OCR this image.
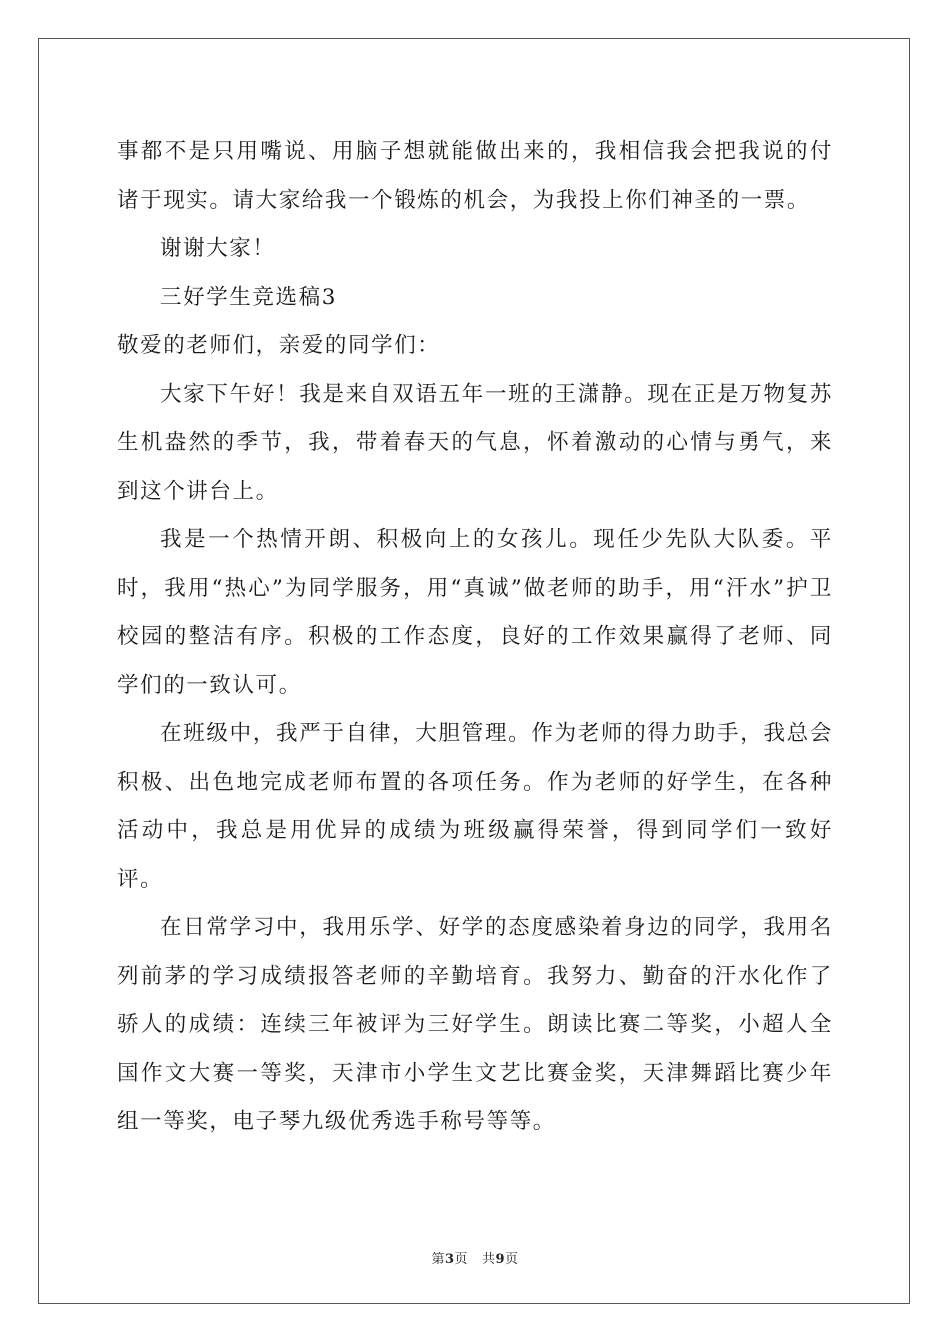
事都不是只用嘴说、用脑子想就能做出来的，我相信我会把我说的付诸于现实。请大家给我一个锻炼的机会，为我投上你们神圣的一票。

谢谢大家！

三好学生竞选稿3

敬爱的老师们，亲爱的同学们：

大家下午好！我是来自双语五年一班的王潇静。现在正是万物复苏生机盎然的季节，我，带着春天的气息，怀着激动的心情与勇气，来到这个讲台上。

我是一个热情开朗、积极向上的女孩儿。现任少先队大队委。平时，我用“热心”为同学服务，用“真诚”做老师的助手，用“汗水”护卫校园的整洁有序。积极的工作态度，良好的工作效果赢得了老师、同学们的一致认可。

在班级中，我严于自律，大胆管理。作为老师的得力助手，我总会积极、出色地完成老师布置的各项任务。作为老师的好学生，在各种活动中，我总是用优异的成绩为班级赢得荣誉，得到同学们一致好评。

在日常学习中，我用乐学、好学的态度感染着身边的同学，我用名列前茅的学习成绩报答老师的辛勤培育。我努力、勤奋的汗水化作了骄人的成绩：连续三年被评为三好学生。朗读比赛二等奖，小超人全国作文大赛一等奖，天津市小学生文艺比赛金奖，天津舞蹈比赛少年组一等奖，电子琴九级优秀选手称号等等。

第3页 共9页
